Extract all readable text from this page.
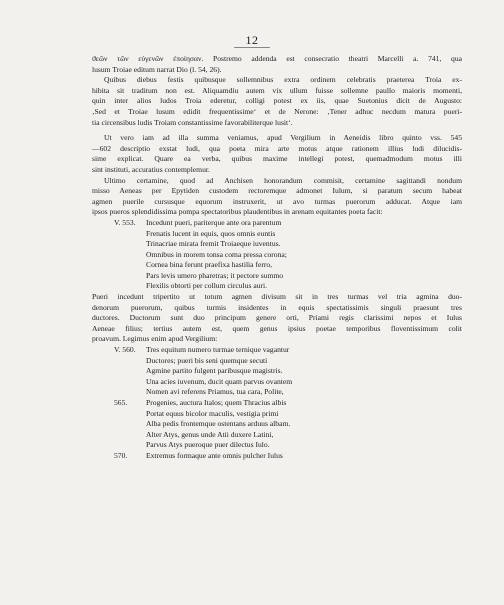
12
ϑεῶν τῶν εὐγενῶν ἐποίησαν. Postremo addenda est consecratio theatri Marcelli a. 741, qua
lusum Troiae editum narrat Dio (l. 54, 26).
Quibus diebus festis quibusque sollemnibus extra ordinem celebratis praeterea Troia ex-
hibita sit traditum non est. Aliquamdiu autem vix ullum fuisse sollemne paullo maioris momenti,
quin inter alios ludos Troia ederetur, colligi potest ex iis, quae Suetonius dicit de Augusto:
‚Sed et Troiae lusum edidit frequentissime‘ et de Nerone: ‚Tener adhuc necdum matura pueri-
tia circensibus ludis Troiam constantissime favorabiliterque lusit‘.
Ut vero iam ad illa summa veniamus, apud Vergilium in Aeneidis libro quinto vss. 545
—602 descriptio exstat ludi, qua poeta mira arte motus atque rationem illius ludi dilucidis-
sime explicat. Quare ea verba, quibus maxime intellegi potest, quemadmodum motus illi
sint instituti, accuratius contemplemur.
Ultimo certamine, quod ad Anchisen honorandum commisit, certamine sagittandi nondum
misso Aeneas per Epytiden custodem rectoremque admonet Iulum, si paratum secum habeat
agmen puerile cursusque equorum instruxerit, ut avo turmas puerorum adducat. Atque iam
ipsos pueros splendidissima pompa spectatoribus plaudentibus in arenam equitantes poeta facit:
V. 553. Incedunt pueri, pariterque ante ora parentum
Frenatis lucent in equis, quos omnis euntis
Trinacriae mirata fremit Troiaeque iuventus.
Omnibus in morem tonsa coma pressa corona;
Cornea bina ferunt praefixa hastilia ferro,
Pars levis umero pharetras; it pectore summo
Flexilis obtorti per collum circulus auri.
Pueri incedunt tripertito ut totum agmen divisum sit in tres turmas vel tria agmina duo-
denorum puerorum, quibus turmis insidentes in equis spectatissimis singuli praesunt tres
ductores. Ductorum sunt duo principum genere orti, Priami regis clarissimi nepos et Iulus
Aeneae filius; tertius autem est, quem genus ipsius poetae temporibus floventissimum colit
proavum. Legimus enim apud Vergilium:
V. 560. Tres equitum numero turmae ternique vagantur
Ductores; pueri bis seni quemque secuti
Agmine partito fulgent paribusque magistris.
Una acies iuvenum, ducit quam parvus ovantem
Nomen avi referens Priamus, tua cara, Polite,
565. Progenies, auctura Italos; quem Thracius albis
Portat equus bicolor maculis, vestigia primi
Alba pedis frontemque ostentans arduus albam.
Alter Atys, genus unde Atii duxere Latini,
Parvus Atys pueroque puer dilectus Iulo.
570. Extremus formaque ante omnis pulcher Iulus
